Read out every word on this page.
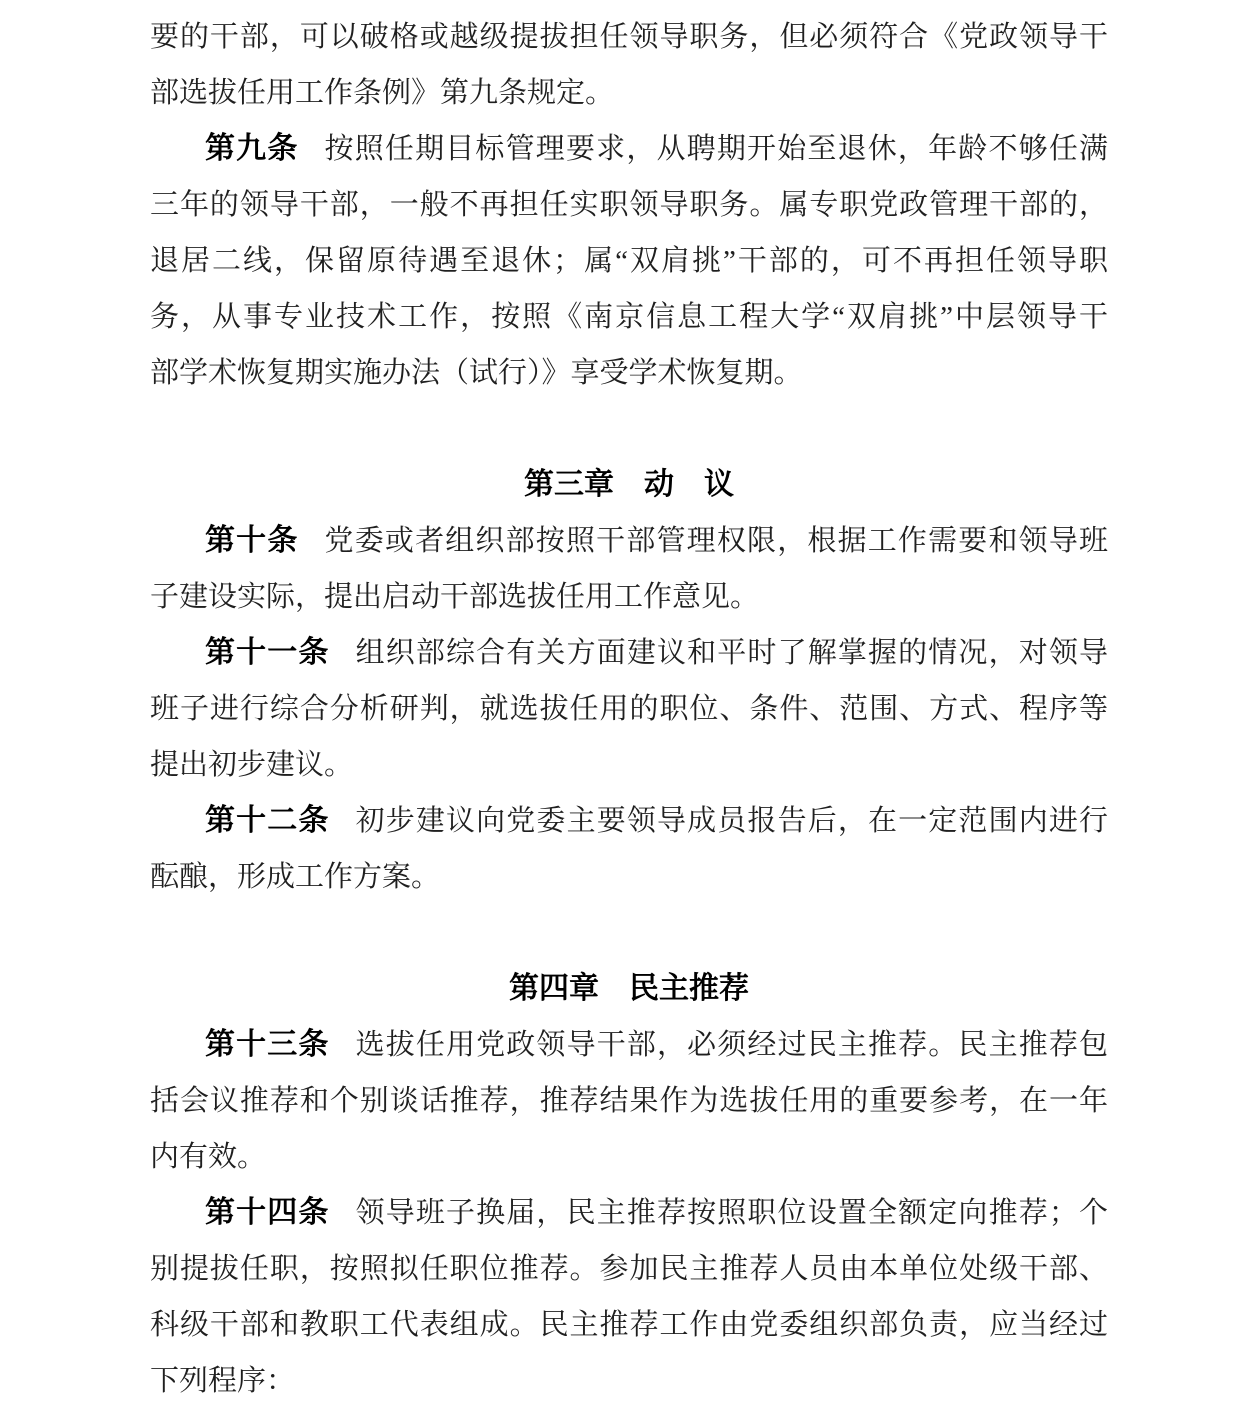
要的干部，可以破格或越级提拔担任领导职务，但必须符合《党政领导干

部选拔任用工作条例》第九条规定。

第九条 按照任期目标管理要求，从聘期开始至退休，年龄不够任满

三年的领导干部，一般不再担任实职领导职务。属专职党政管理干部的，

退居二线，保留原待遇至退休；属“双肩挑”干部的，可不再担任领导职

务，从事专业技术工作，按照《南京信息工程大学“双肩挑”中层领导干

部学术恢复期实施办法（试行）》享受学术恢复期。

第三章　动　议

第十条 党委或者组织部按照干部管理权限，根据工作需要和领导班

子建设实际，提出启动干部选拔任用工作意见。

第十一条 组织部综合有关方面建议和平时了解掌握的情况，对领导

班子进行综合分析研判，就选拔任用的职位、条件、范围、方式、程序等

提出初步建议。

第十二条 初步建议向党委主要领导成员报告后，在一定范围内进行

酝酿，形成工作方案。

第四章　民主推荐

第十三条 选拔任用党政领导干部，必须经过民主推荐。民主推荐包

括会议推荐和个别谈话推荐，推荐结果作为选拔任用的重要参考，在一年

内有效。

第十四条 领导班子换届，民主推荐按照职位设置全额定向推荐；个

别提拔任职，按照拟任职位推荐。参加民主推荐人员由本单位处级干部、

科级干部和教职工代表组成。民主推荐工作由党委组织部负责，应当经过

下列程序：
